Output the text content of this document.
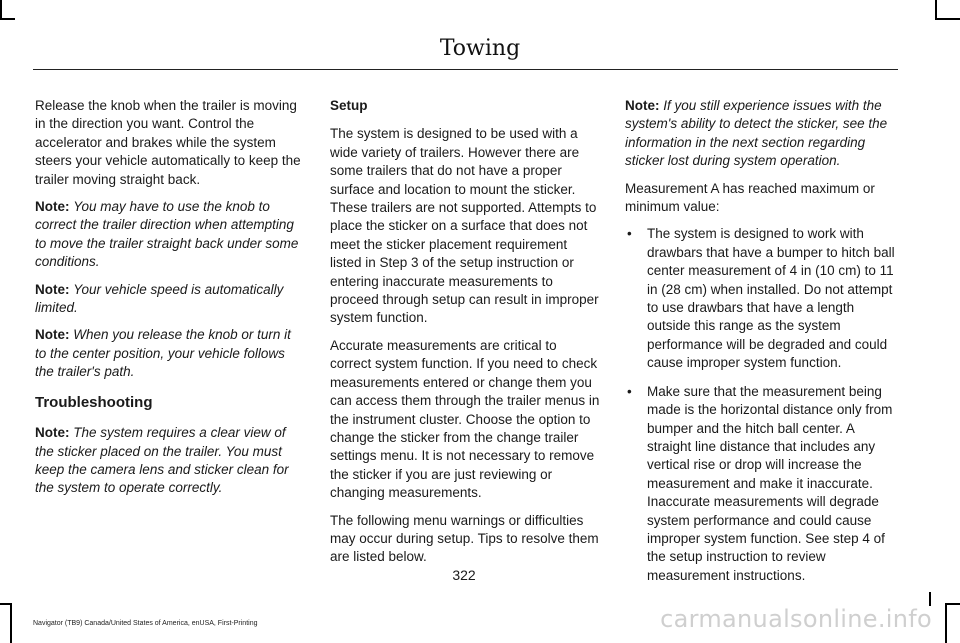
Towing

Release the knob when the trailer is moving in the direction you want. Control the accelerator and brakes while the system steers your vehicle automatically to keep the trailer moving straight back.

Note: You may have to use the knob to correct the trailer direction when attempting to move the trailer straight back under some conditions.

Note: Your vehicle speed is automatically limited.

Note: When you release the knob or turn it to the center position, your vehicle follows the trailer's path.

Troubleshooting

Note: The system requires a clear view of the sticker placed on the trailer. You must keep the camera lens and sticker clean for the system to operate correctly.

Setup

The system is designed to be used with a wide variety of trailers. However there are some trailers that do not have a proper surface and location to mount the sticker. These trailers are not supported. Attempts to place the sticker on a surface that does not meet the sticker placement requirement listed in Step 3 of the setup instruction or entering inaccurate measurements to proceed through setup can result in improper system function.

Accurate measurements are critical to correct system function. If you need to check measurements entered or change them you can access them through the trailer menus in the instrument cluster. Choose the option to change the sticker from the change trailer settings menu. It is not necessary to remove the sticker if you are just reviewing or changing measurements.

The following menu warnings or difficulties may occur during setup. Tips to resolve them are listed below.

Note: If you still experience issues with the system's ability to detect the sticker, see the information in the next section regarding sticker lost during system operation.

Measurement A has reached maximum or minimum value:

• The system is designed to work with drawbars that have a bumper to hitch ball center measurement of 4 in (10 cm) to 11 in (28 cm) when installed. Do not attempt to use drawbars that have a length outside this range as the system performance will be degraded and could cause improper system function.
• Make sure that the measurement being made is the horizontal distance only from bumper and the hitch ball center. A straight line distance that includes any vertical rise or drop will increase the measurement and make it inaccurate. Inaccurate measurements will degrade system performance and could cause improper system function. See step 4 of the setup instruction to review measurement instructions.
322
Navigator (TB9) Canada/United States of America, enUSA, First-Printing	carmanualsonline.info
